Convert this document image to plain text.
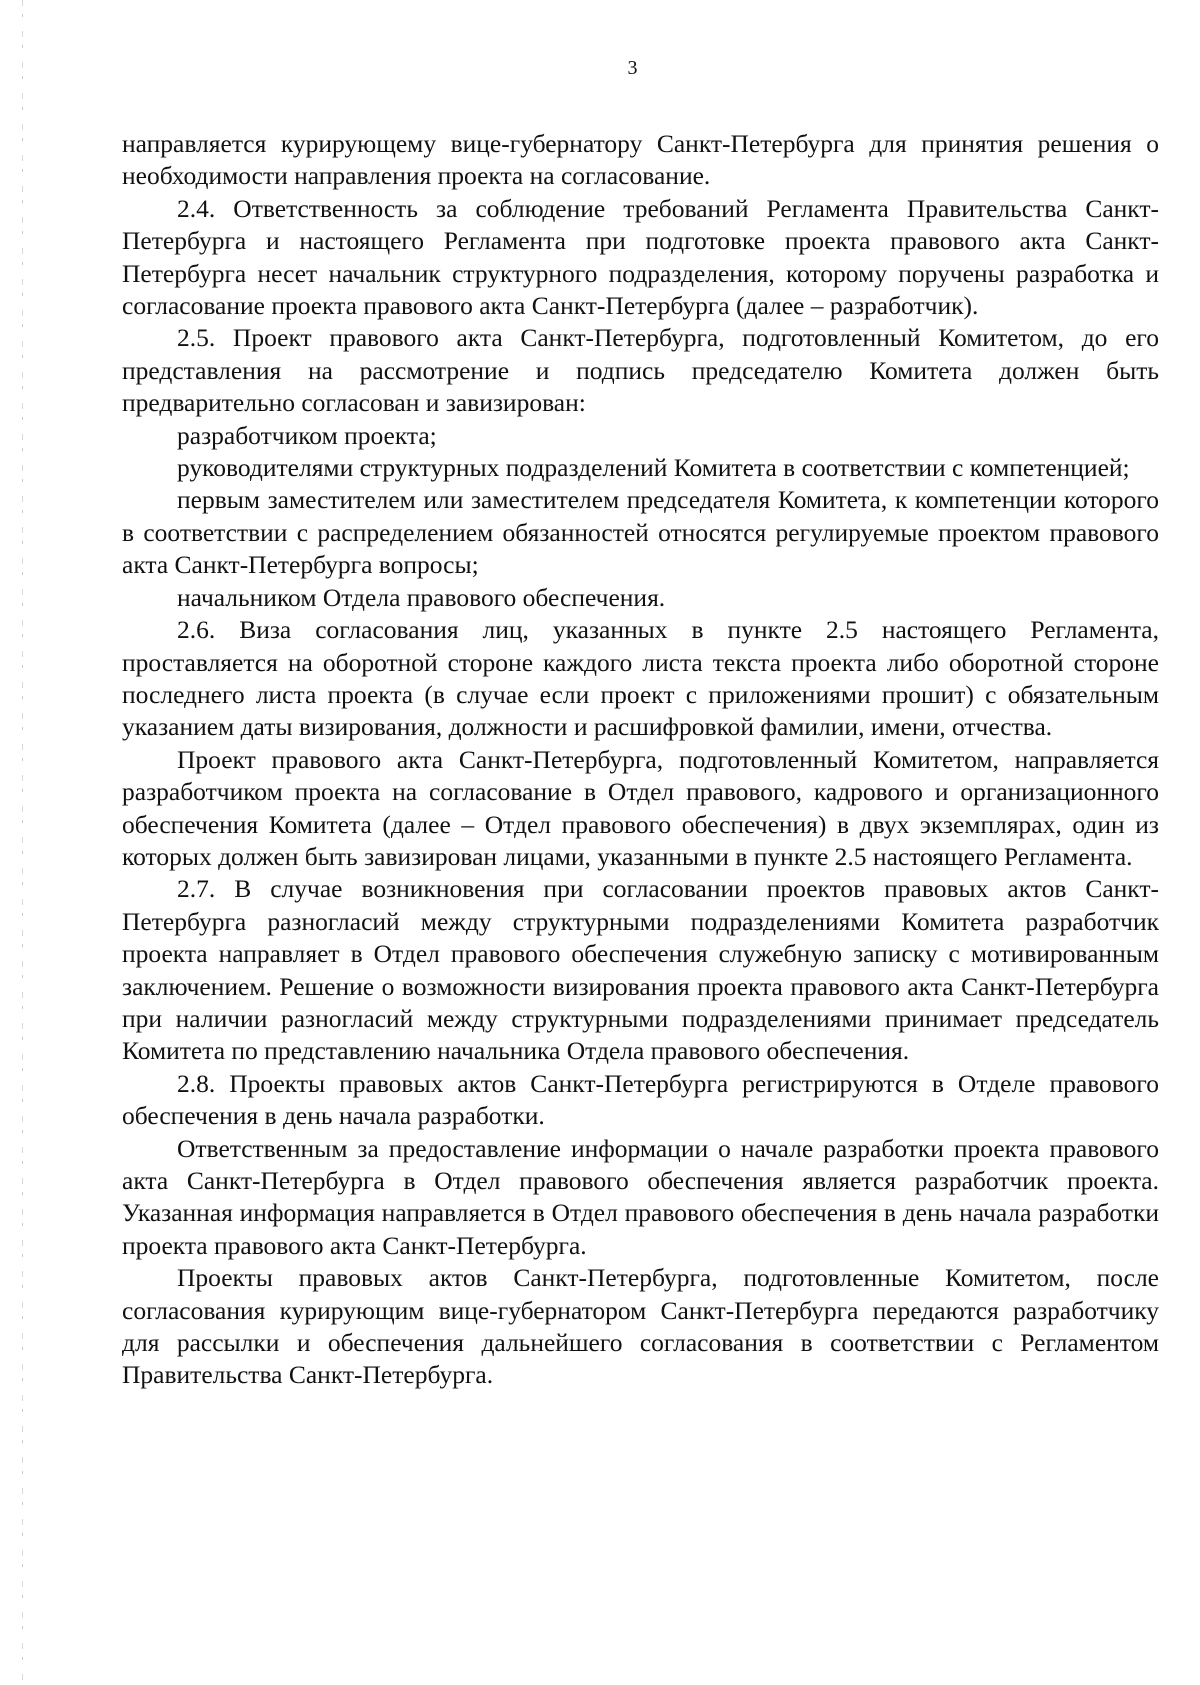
3

направляется курирующему вице-губернатору Санкт-Петербурга для принятия решения о необходимости направления проекта на согласование.

2.4. Ответственность за соблюдение требований Регламента Правительства Санкт-Петербурга и настоящего Регламента при подготовке проекта правового акта Санкт-Петербурга несет начальник структурного подразделения, которому поручены разработка и согласование проекта правового акта Санкт-Петербурга (далее – разработчик).

2.5. Проект правового акта Санкт-Петербурга, подготовленный Комитетом, до его представления на рассмотрение и подпись председателю Комитета должен быть предварительно согласован и завизирован:

разработчиком проекта;

руководителями структурных подразделений Комитета в соответствии с компетенцией;

первым заместителем или заместителем председателя Комитета, к компетенции которого в соответствии с распределением обязанностей относятся регулируемые проектом правового акта Санкт-Петербурга вопросы;

начальником Отдела правового обеспечения.

2.6. Виза согласования лиц, указанных в пункте 2.5 настоящего Регламента, проставляется на оборотной стороне каждого листа текста проекта либо оборотной стороне последнего листа проекта (в случае если проект с приложениями прошит) с обязательным указанием даты визирования, должности и расшифровкой фамилии, имени, отчества.

Проект правового акта Санкт-Петербурга, подготовленный Комитетом, направляется разработчиком проекта на согласование в Отдел правового, кадрового и организационного обеспечения Комитета (далее – Отдел правового обеспечения) в двух экземплярах, один из которых должен быть завизирован лицами, указанными в пункте 2.5 настоящего Регламента.

2.7. В случае возникновения при согласовании проектов правовых актов Санкт-Петербурга разногласий между структурными подразделениями Комитета разработчик проекта направляет в Отдел правового обеспечения служебную записку с мотивированным заключением. Решение о возможности визирования проекта правового акта Санкт-Петербурга при наличии разногласий между структурными подразделениями принимает председатель Комитета по представлению начальника Отдела правового обеспечения.

2.8. Проекты правовых актов Санкт-Петербурга регистрируются в Отделе правового обеспечения в день начала разработки.

Ответственным за предоставление информации о начале разработки проекта правового акта Санкт-Петербурга в Отдел правового обеспечения является разработчик проекта. Указанная информация направляется в Отдел правового обеспечения в день начала разработки проекта правового акта Санкт-Петербурга.

Проекты правовых актов Санкт-Петербурга, подготовленные Комитетом, после согласования курирующим вице-губернатором Санкт-Петербурга передаются разработчику для рассылки и обеспечения дальнейшего согласования в соответствии с Регламентом Правительства Санкт-Петербурга.
